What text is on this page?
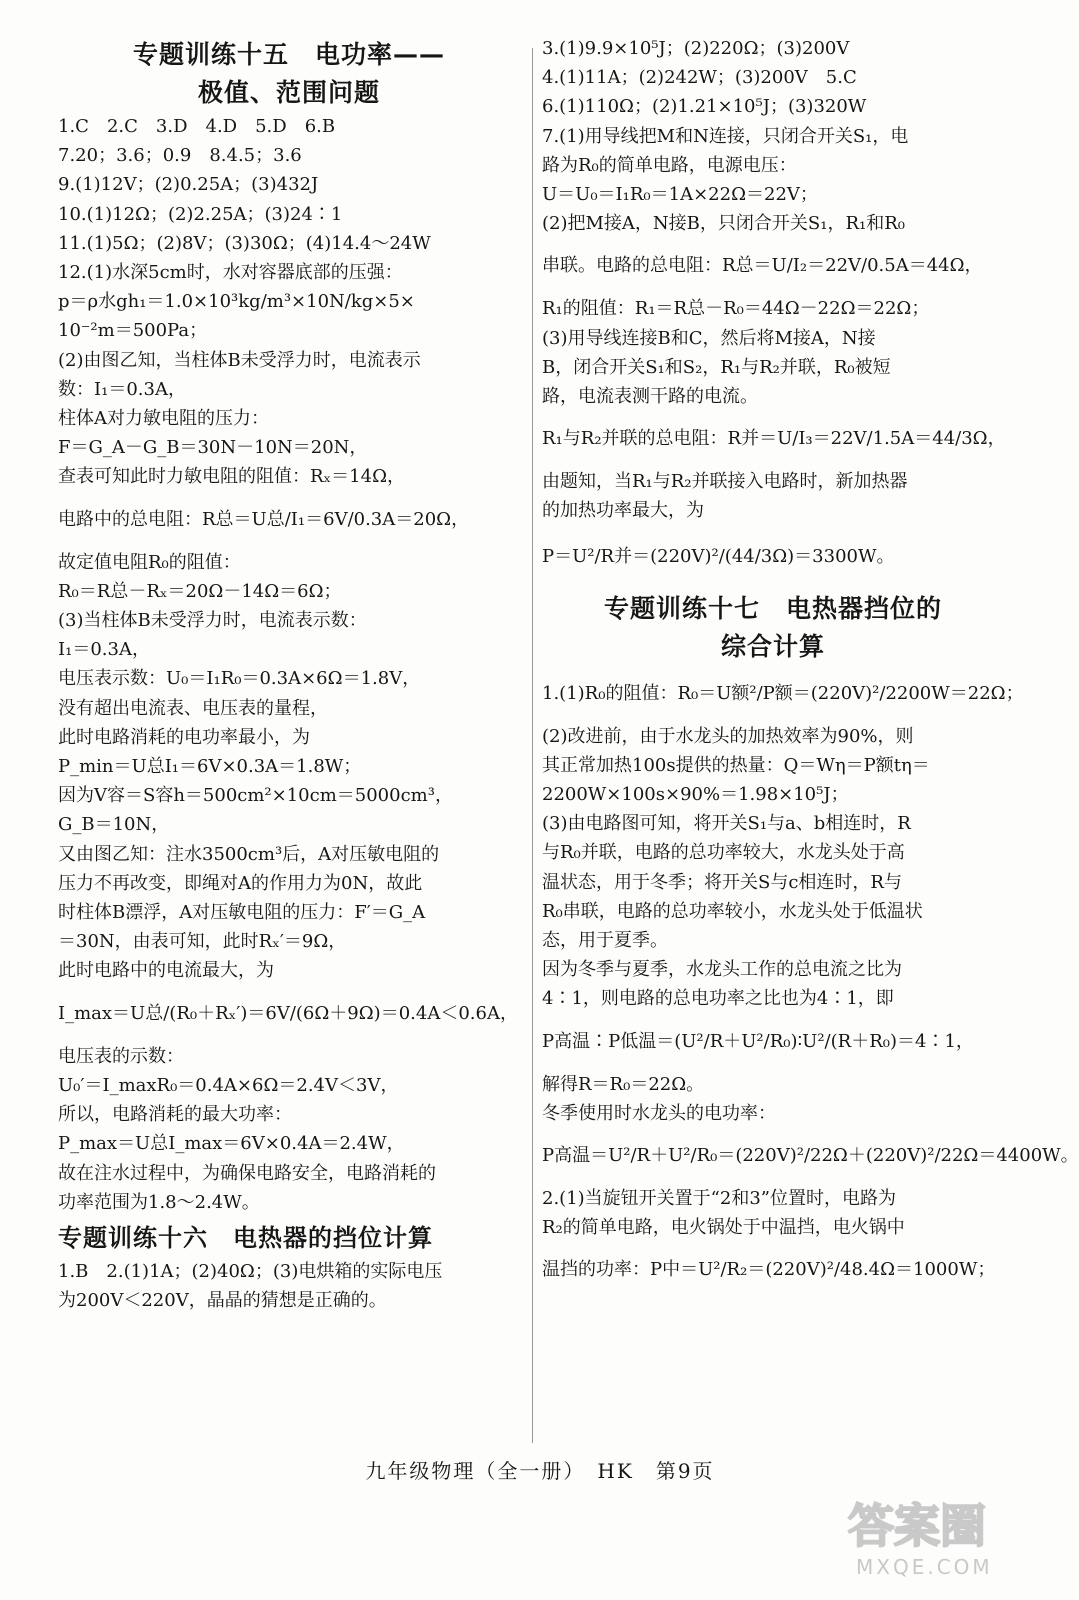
专题训练十五　电功率——
极值、范围问题
1.C　2.C　3.D　4.D　5.D　6.B
7.20；3.6；0.9　8.4.5；3.6
9.(1)12V；(2)0.25A；(3)432J
10.(1)12Ω；(2)2.25A；(3)24∶1
11.(1)5Ω；(2)8V；(3)30Ω；(4)14.4～24W
12.(1)水深5cm时，水对容器底部的压强：
p＝ρ水gh₁＝1.0×10³kg/m³×10N/kg×5×
10⁻²m＝500Pa；
(2)由图乙知，当柱体B未受浮力时，电流表示
数：I₁＝0.3A，
柱体A对力敏电阻的压力：
F＝G_A－G_B＝30N－10N＝20N，
查表可知此时力敏电阻的阻值：Rₓ＝14Ω，
电路中的总电阻：R总＝U总/I₁＝6V/0.3A＝20Ω，
故定值电阻R₀的阻值：
R₀＝R总－Rₓ＝20Ω－14Ω＝6Ω；
(3)当柱体B未受浮力时，电流表示数：
I₁＝0.3A，
电压表示数：U₀＝I₁R₀＝0.3A×6Ω＝1.8V，
没有超出电流表、电压表的量程，
此时电路消耗的电功率最小，为
P_min＝U总I₁＝6V×0.3A＝1.8W；
因为V容＝S容h＝500cm²×10cm＝5000cm³，
G_B＝10N，
又由图乙知：注水3500cm³后，A对压敏电阻的
压力不再改变，即绳对A的作用力为0N，故此
时柱体B漂浮，A对压敏电阻的压力：F′＝G_A
＝30N，由表可知，此时Rₓ′＝9Ω，
此时电路中的电流最大，为
I_max＝U总/(R₀＋Rₓ′)＝6V/(6Ω＋9Ω)＝0.4A＜0.6A，
电压表的示数：
U₀′＝I_maxR₀＝0.4A×6Ω＝2.4V＜3V，
所以，电路消耗的最大功率：
P_max＝U总I_max＝6V×0.4A＝2.4W，
故在注水过程中，为确保电路安全，电路消耗的
功率范围为1.8～2.4W。
专题训练十六　电热器的挡位计算
1.B　2.(1)1A；(2)40Ω；(3)电烘箱的实际电压
为200V＜220V，晶晶的猜想是正确的。
3.(1)9.9×10⁵J；(2)220Ω；(3)200V
4.(1)11A；(2)242W；(3)200V　5.C
6.(1)110Ω；(2)1.21×10⁵J；(3)320W
7.(1)用导线把M和N连接，只闭合开关S₁，电
路为R₀的简单电路，电源电压：
U＝U₀＝I₁R₀＝1A×22Ω＝22V；
(2)把M接A，N接B，只闭合开关S₁，R₁和R₀
串联。电路的总电阻：R总＝U/I₂＝22V/0.5A＝44Ω，
R₁的阻值：R₁＝R总－R₀＝44Ω－22Ω＝22Ω；
(3)用导线连接B和C，然后将M接A，N接
B，闭合开关S₁和S₂，R₁与R₂并联，R₀被短
路，电流表测干路的电流。
R₁与R₂并联的总电阻：R并＝U/I₃＝22V/1.5A＝44/3Ω，
由题知，当R₁与R₂并联接入电路时，新加热器
的加热功率最大，为
P＝U²/R并＝(220V)²/(44/3Ω)＝3300W。
专题训练十七　电热器挡位的
综合计算
1.(1)R₀的阻值：R₀＝U额²/P额＝(220V)²/2200W＝22Ω；
(2)改进前，由于水龙头的加热效率为90%，则
其正常加热100s提供的热量：Q＝Wη＝P额tη＝
2200W×100s×90%＝1.98×10⁵J；
(3)由电路图可知，将开关S₁与a、b相连时，R
与R₀并联，电路的总功率较大，水龙头处于高
温状态，用于冬季；将开关S与c相连时，R与
R₀串联，电路的总功率较小，水龙头处于低温状
态，用于夏季。
因为冬季与夏季，水龙头工作的总电流之比为
4∶1，则电路的总电功率之比也为4∶1，即
P高温∶P低温＝(U²/R＋U²/R₀)∶U²/(R＋R₀)＝4∶1，
解得R＝R₀＝22Ω。
冬季使用时水龙头的电功率：
P高温＝U²/R＋U²/R₀＝(220V)²/22Ω＋(220V)²/22Ω＝4400W。
2.(1)当旋钮开关置于“2和3”位置时，电路为
R₂的简单电路，电火锅处于中温挡，电火锅中
温挡的功率：P中＝U²/R₂＝(220V)²/48.4Ω＝1000W；
九年级物理（全一册）　HK　第9页
答案圈
MXQE.COM
